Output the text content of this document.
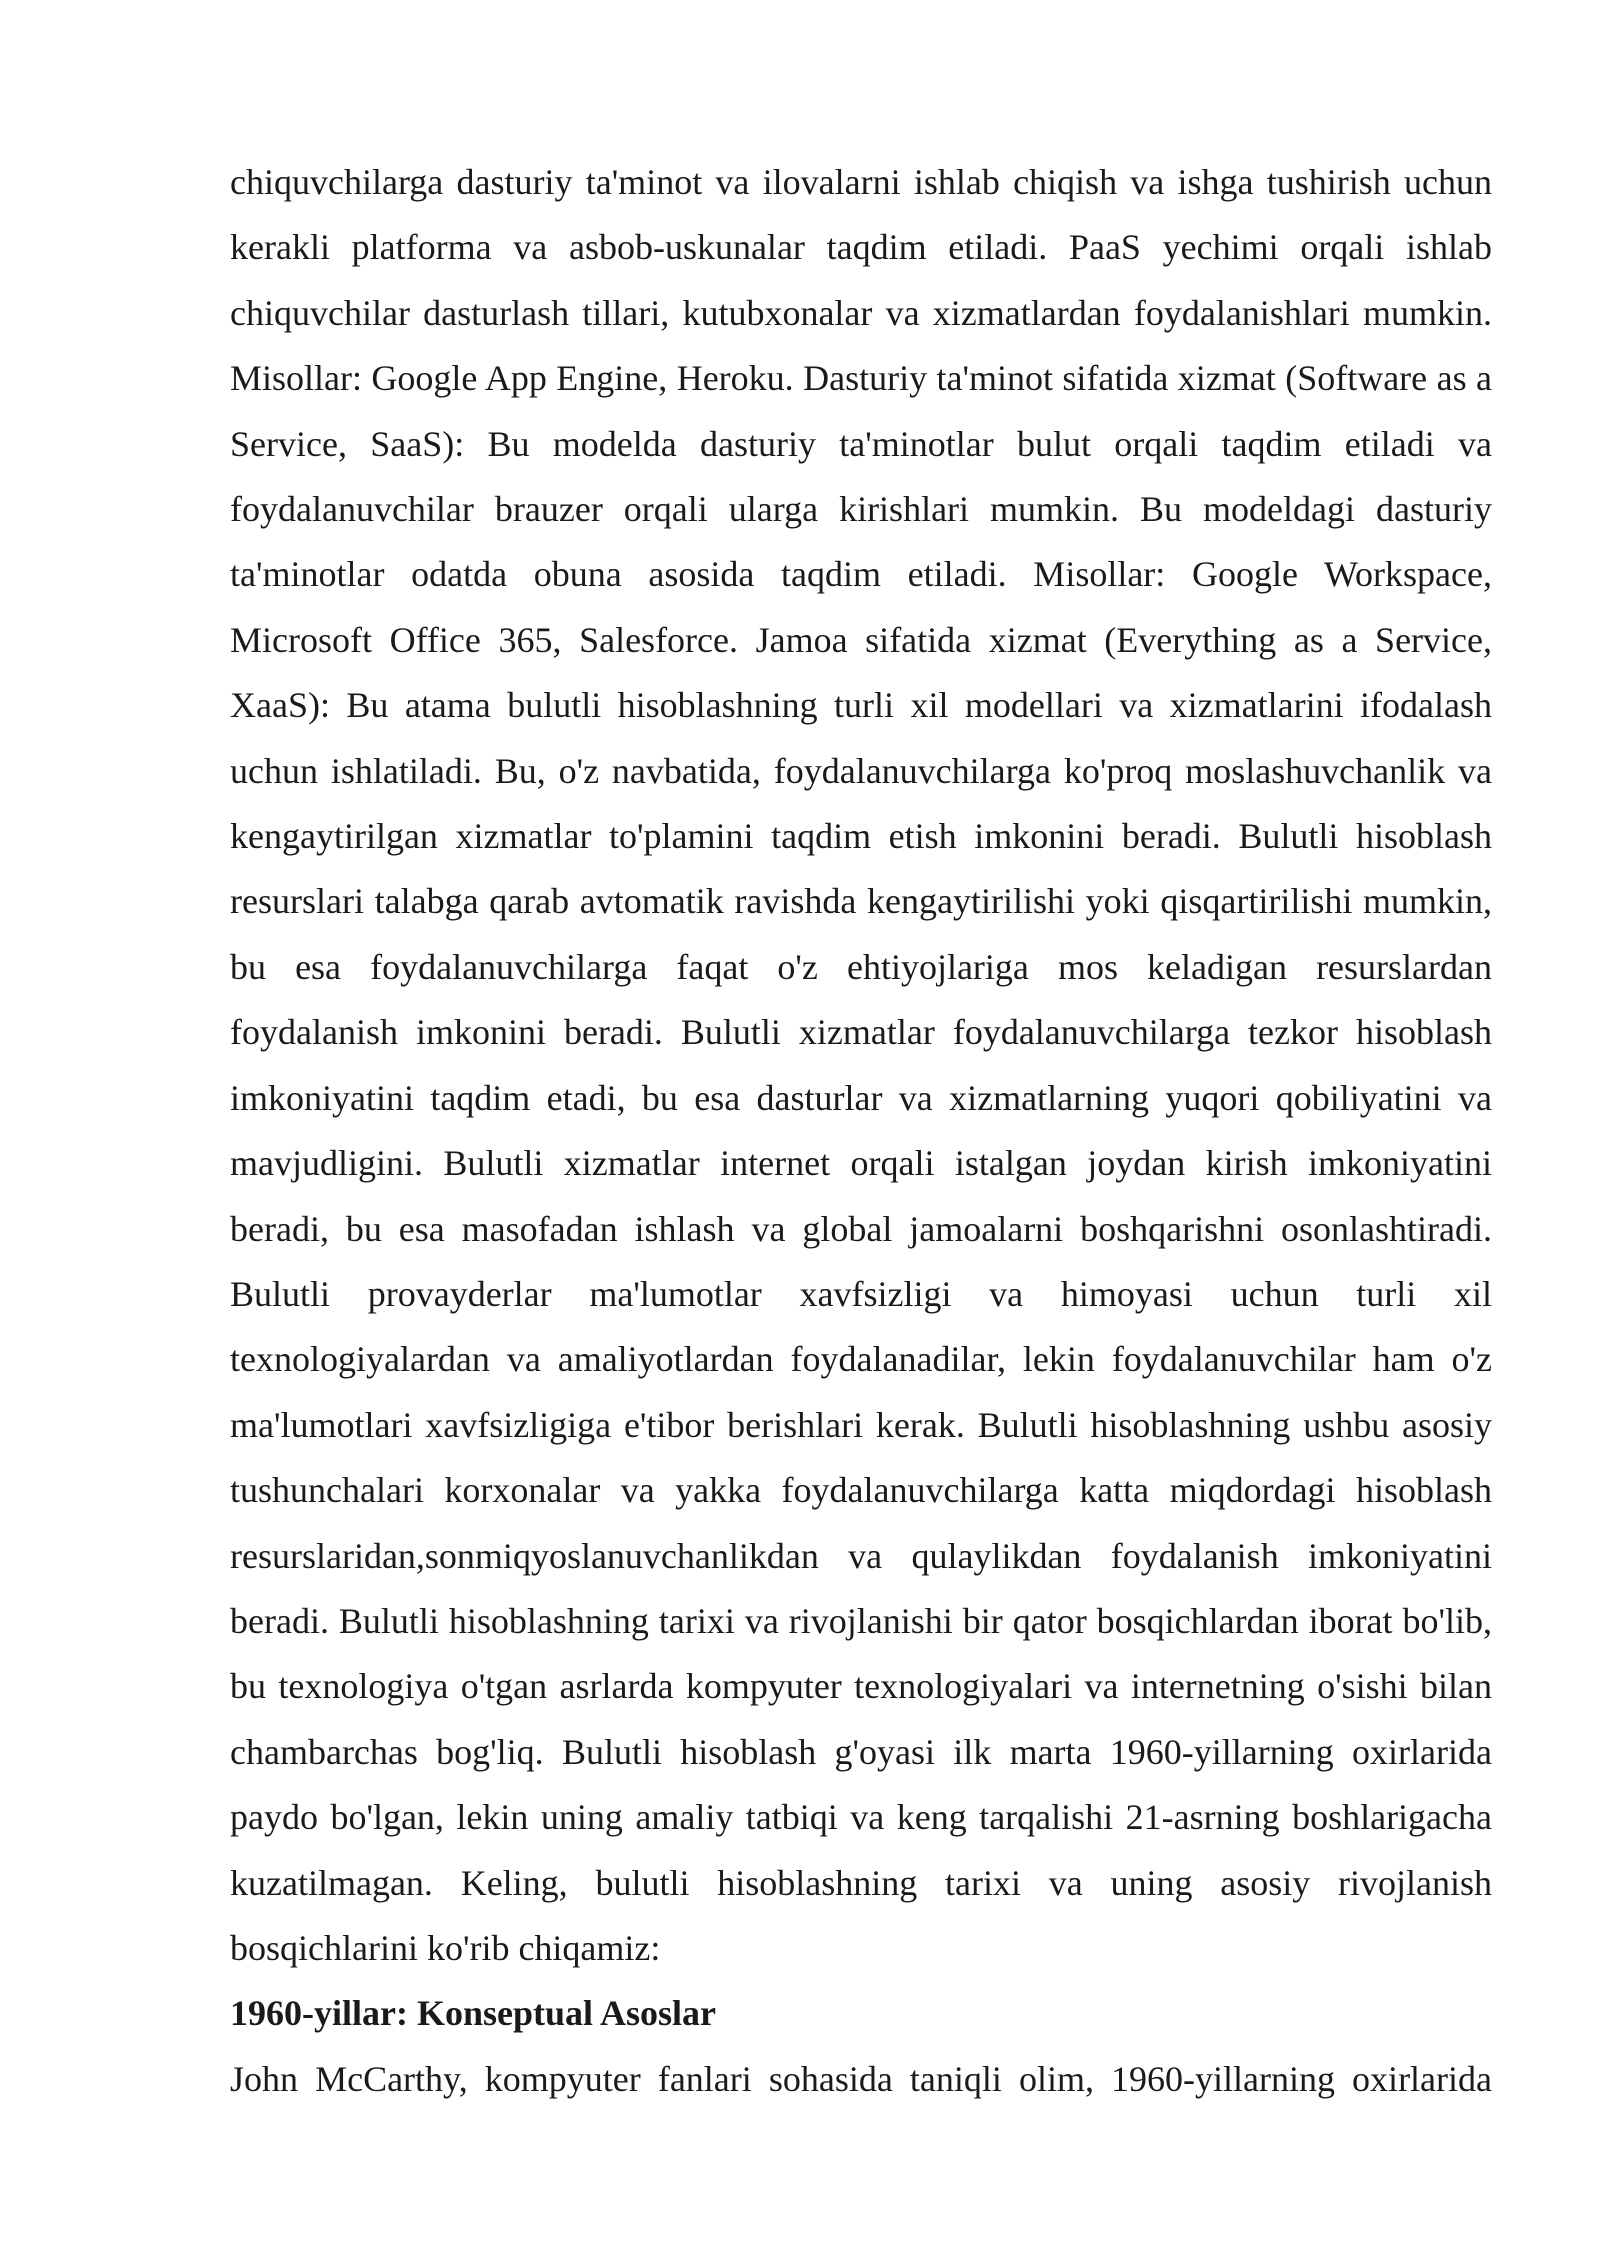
chiquvchilarga dasturiy ta'minot va ilovalarni ishlab chiqish va ishga tushirish uchun kerakli platforma va asbob-uskunalar taqdim etiladi. PaaS yechimi orqali ishlab chiquvchilar dasturlash tillari, kutubxonalar va xizmatlardan foydalanishlari mumkin. Misollar: Google App Engine, Heroku. Dasturiy ta'minot sifatida xizmat (Software as a Service, SaaS): Bu modelda dasturiy ta'minotlar bulut orqali taqdim etiladi va foydalanuvchilar brauzer orqali ularga kirishlari mumkin. Bu modeldagi dasturiy ta'minotlar odatda obuna asosida taqdim etiladi. Misollar: Google Workspace, Microsoft Office 365, Salesforce. Jamoa sifatida xizmat (Everything as a Service, XaaS): Bu atama bulutli hisoblashning turli xil modellari va xizmatlarini ifodalash uchun ishlatiladi. Bu, o'z navbatida, foydalanuvchilarga ko'proq moslashuvchanlik va kengaytirilgan xizmatlar to'plamini taqdim etish imkonini beradi. Bulutli hisoblash resurslari talabga qarab avtomatik ravishda kengaytirilishi yoki qisqartirilishi mumkin, bu esa foydalanuvchilarga faqat o'z ehtiyojlariga mos keladigan resurslardan foydalanish imkonini beradi. Bulutli xizmatlar foydalanuvchilarga tezkor hisoblash imkoniyatini taqdim etadi, bu esa dasturlar va xizmatlarning yuqori qobiliyatini va mavjudligini. Bulutli xizmatlar internet orqali istalgan joydan kirish imkoniyatini beradi, bu esa masofadan ishlash va global jamoalarni boshqarishni osonlashtiradi. Bulutli provayderlar ma'lumotlar xavfsizligi va himoyasi uchun turli xil texnologiyalardan va amaliyotlardan foydalanadilar, lekin foydalanuvchilar ham o'z ma'lumotlari xavfsizligiga e'tibor berishlari kerak. Bulutli hisoblashning ushbu asosiy tushunchalari korxonalar va yakka foydalanuvchilarga katta miqdordagi hisoblash resurslaridan,sonmiqyoslanuvchanlikdan va qulaylikdan foydalanish imkoniyatini beradi. Bulutli hisoblashning tarixi va rivojlanishi bir qator bosqichlardan iborat bo'lib, bu texnologiya o'tgan asrlarda kompyuter texnologiyalari va internetning o'sishi bilan chambarchas bog'liq. Bulutli hisoblash g'oyasi ilk marta 1960-yillarning oxirlarida paydo bo'lgan, lekin uning amaliy tatbiqi va keng tarqalishi 21-asrning boshlarigacha kuzatilmagan. Keling, bulutli hisoblashning tarixi va uning asosiy rivojlanish bosqichlarini ko'rib chiqamiz:

1960-yillar: Konseptual Asoslar

John McCarthy, kompyuter fanlari sohasida taniqli olim, 1960-yillarning oxirlarida
